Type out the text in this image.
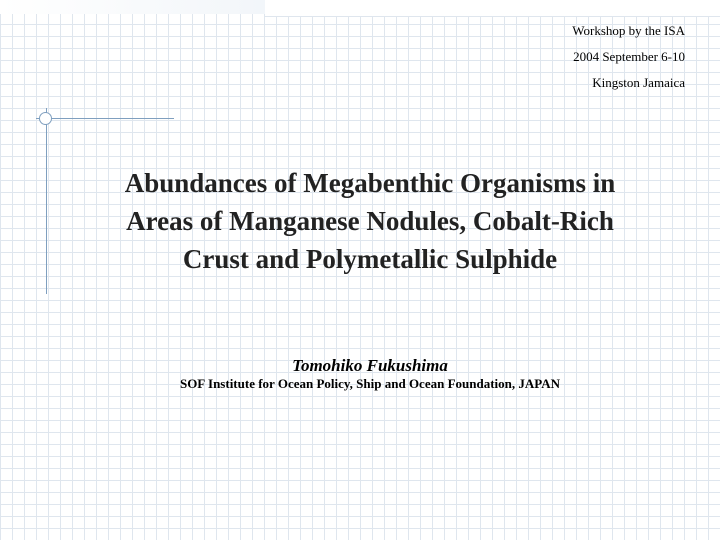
Workshop by the ISA
2004 September 6-10
Kingston Jamaica
Abundances of Megabenthic Organisms in
Areas of Manganese Nodules, Cobalt-Rich
Crust and Polymetallic Sulphide
Tomohiko Fukushima
SOF Institute for Ocean Policy, Ship and Ocean Foundation, JAPAN
